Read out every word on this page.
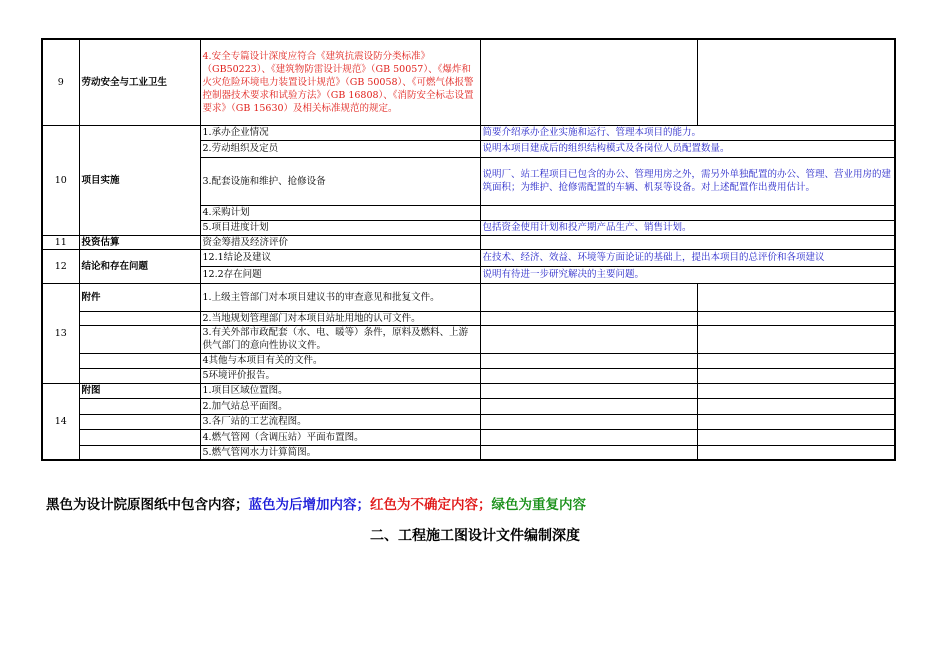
9	劳动安全与工业卫生	4.安全专篇设计深度应符合《建筑抗震设防分类标准》（GB50223）、《建筑物防雷设计规范》（GB 50057）、《爆炸和火灾危险环境电力装置设计规范》（GB 50058）、《可燃气体报警控制器技术要求和试验方法》（GB 16808）、《消防安全标志设置要求》（GB 15630）及相关标准规范的规定。		
10	项目实施	1.承办企业情况	简要介绍承办企业实施和运行、管理本项目的能力。	
		2.劳动组织及定员	说明本项目建成后的组织结构模式及各岗位人员配置数量。	
		3.配套设施和维护、抢修设备	说明厂、站工程项目已包含的办公、管理用房之外，需另外单独配置的办公、管理、营业用房的建筑面积；为维护、抢修需配置的车辆、机泵等设备。对上述配置作出费用估计。	
		4.采购计划		
		5.项目进度计划	包括资金使用计划和投产期产品生产、销售计划。	
11	投资估算	资金筹措及经济评价		
12	结论和存在问题	12.1结论及建议	在技术、经济、效益、环境等方面论证的基础上，提出本项目的总评价和各项建议	

		12.2存在问题	说明有待进一步研究解决的主要问题。	
13	附件	1.上级主管部门对本项目建议书的审查意见和批复文件。		
		2.当地规划管理部门对本项目站址用地的认可文件。		
		3.有关外部市政配套（水、电、暖等）条件，原料及燃料、上游供气部门的意向性协议文件。		
		4其他与本项目有关的文件。		
		5环境评价报告。		
14	附图	1.项目区域位置图。		
		2.加气站总平面图。		
		3.各厂站的工艺流程图。		
		4.燃气管网（含调压站）平面布置图。		
		5.燃气管网水力计算简图。		
黑色为设计院原图纸中包含内容；蓝色为后增加内容；红色为不确定内容；绿色为重复内容
二、工程施工图设计文件编制深度
